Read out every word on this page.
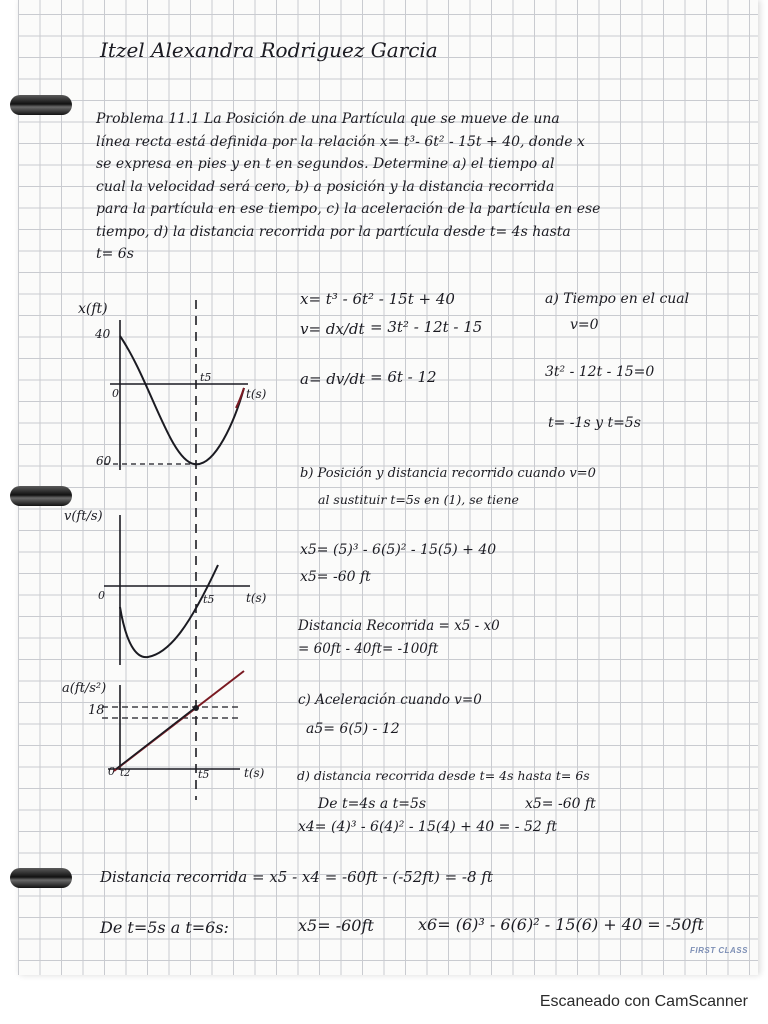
Itzel Alexandra Rodriguez Garcia
Problema 11.1 La Posición de una Partícula que se mueve de una
línea recta está definida por la relación x= t³- 6t² - 15t + 40, donde x
se expresa en pies y en t en segundos. Determine a) el tiempo al
cual la velocidad será cero, b) a posición y la distancia recorrida
para la partícula en ese tiempo, c) la aceleración de la partícula en ese
tiempo, d) la distancia recorrida por la partícula desde t= 4s hasta
t= 6s
x= t³ - 6t² - 15t + 40
v= dx/dt = 3t² - 12t - 15
a= dv/dt = 6t - 12
a) Tiempo en el cual
v=0
3t² - 12t - 15=0
t= -1s y t=5s
b) Posición y distancia recorrido cuando v=0
al sustituir t=5s en (1), se tiene
x5= (5)³ - 6(5)² - 15(5) + 40
x5= -60 ft
Distancia Recorrida = x5 - x0
= 60ft - 40ft= -100ft
c) Aceleración cuando v=0
a5= 6(5) - 12
d) distancia recorrida desde t= 4s hasta t= 6s
De t=4s a t=5s	x5= -60 ft
x4= (4)³ - 6(4)² - 15(4) + 40 = - 52 ft
Distancia recorrida = x5 - x4 = -60ft - (-52ft) = -8 ft
De t=5s a t=6s:	x5= -60ft	x6= (6)³ - 6(6)² - 15(6) + 40 = -50ft
x(ft)
40
0
60
t5
t(s)
v(ft/s)
0	t5	t(s)
a(ft/s²)
18
0 t2	t5	t(s)
FIRST CLASS
Escaneado con CamScanner
